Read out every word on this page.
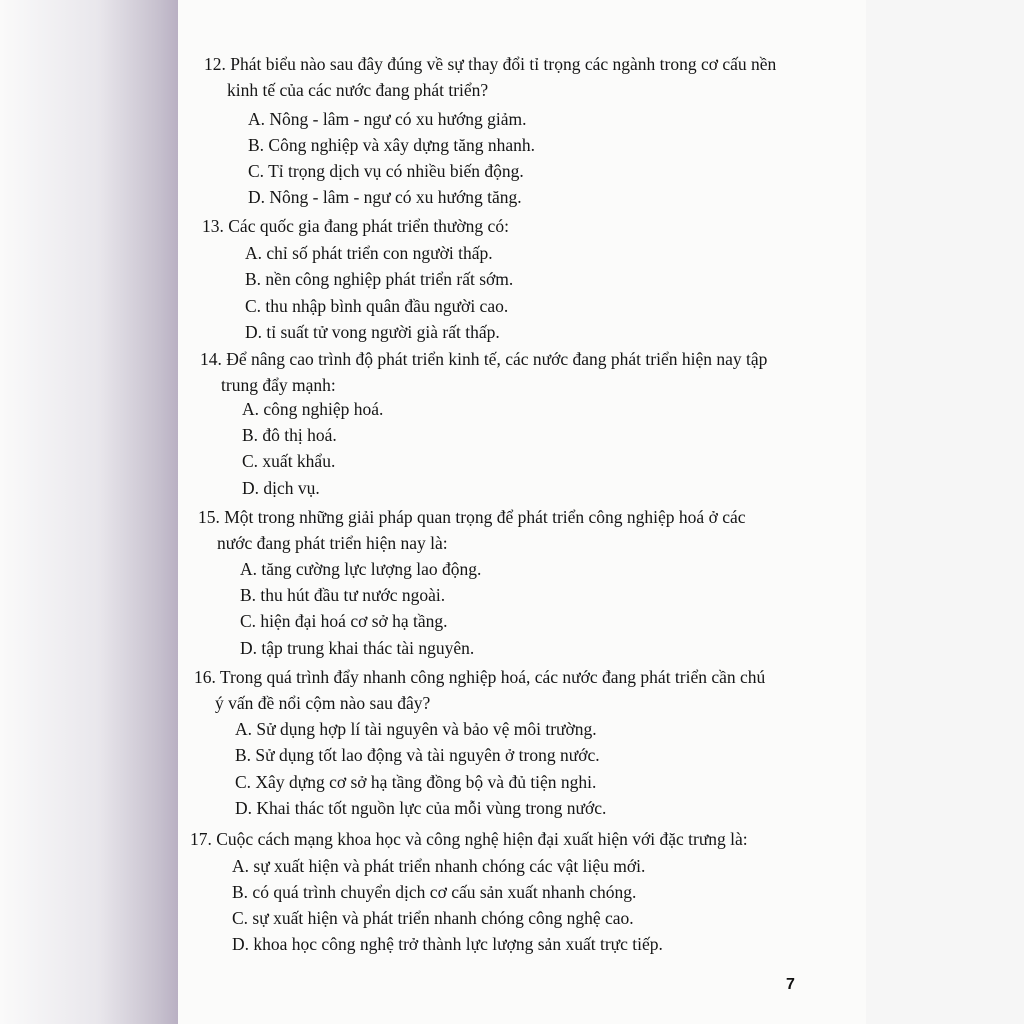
12. Phát biểu nào sau đây đúng về sự thay đổi tỉ trọng các ngành trong cơ cấu nền
kinh tế của các nước đang phát triển?
A. Nông - lâm - ngư có xu hướng giảm.
B. Công nghiệp và xây dựng tăng nhanh.
C. Tỉ trọng dịch vụ có nhiều biến động.
D. Nông - lâm - ngư có xu hướng tăng.
13. Các quốc gia đang phát triển thường có:
A. chỉ số phát triển con người thấp.
B. nền công nghiệp phát triển rất sớm.
C. thu nhập bình quân đầu người cao.
D. tỉ suất tử vong người già rất thấp.
14. Để nâng cao trình độ phát triển kinh tế, các nước đang phát triển hiện nay tập
trung đẩy mạnh:
A. công nghiệp hoá.
B. đô thị hoá.
C. xuất khẩu.
D. dịch vụ.
15. Một trong những giải pháp quan trọng để phát triển công nghiệp hoá ở các
nước đang phát triển hiện nay là:
A. tăng cường lực lượng lao động.
B. thu hút đầu tư nước ngoài.
C. hiện đại hoá cơ sở hạ tầng.
D. tập trung khai thác tài nguyên.
16. Trong quá trình đẩy nhanh công nghiệp hoá, các nước đang phát triển cần chú
ý vấn đề nổi cộm nào sau đây?
A. Sử dụng hợp lí tài nguyên và bảo vệ môi trường.
B. Sử dụng tốt lao động và tài nguyên ở trong nước.
C. Xây dựng cơ sở hạ tầng đồng bộ và đủ tiện nghi.
D. Khai thác tốt nguồn lực của mỗi vùng trong nước.
17. Cuộc cách mạng khoa học và công nghệ hiện đại xuất hiện với đặc trưng là:
A. sự xuất hiện và phát triển nhanh chóng các vật liệu mới.
B. có quá trình chuyển dịch cơ cấu sản xuất nhanh chóng.
C. sự xuất hiện và phát triển nhanh chóng công nghệ cao.
D. khoa học công nghệ trở thành lực lượng sản xuất trực tiếp.
7
